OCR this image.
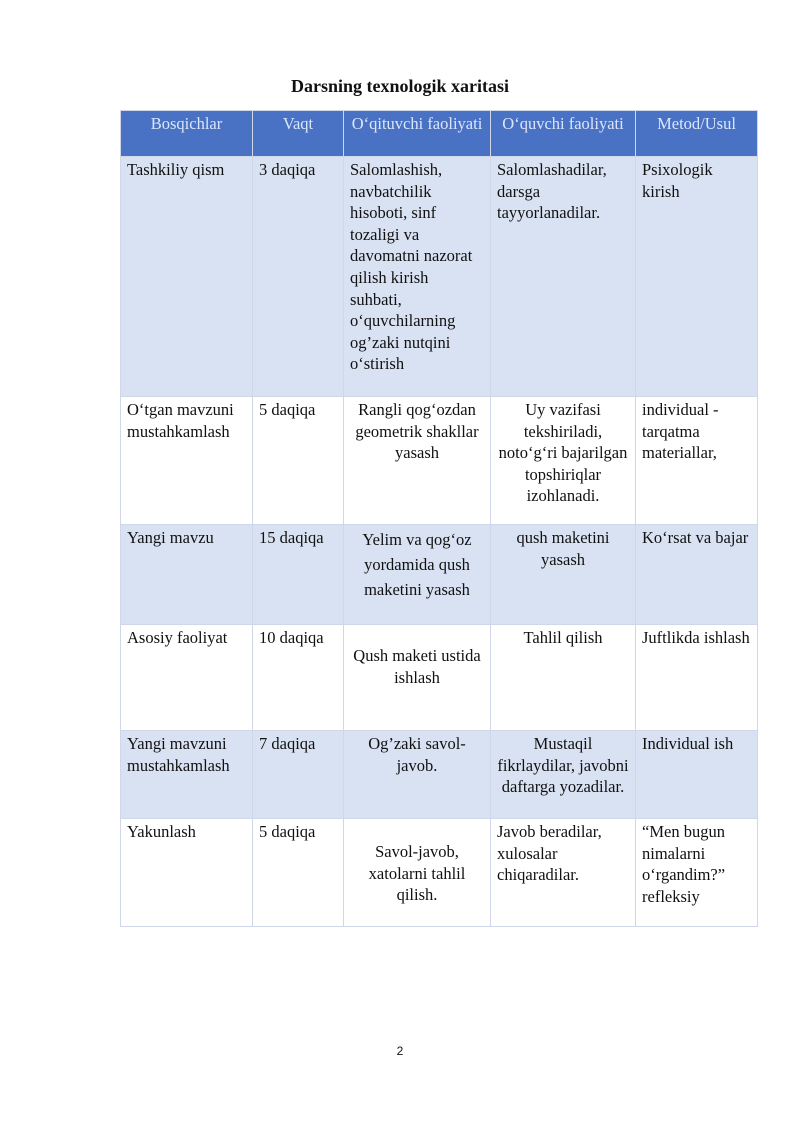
Darsning texnologik xaritasi
Bosqichlar	Vaqt	O‘qituvchi faoliyati	O‘quvchi faoliyati	Metod/Usul
Tashkiliy qism	3 daqiqa	Salomlashish, navbatchilik hisoboti, sinf tozaligi va davomatni nazorat qilish kirish suhbati, o‘quvchilarning og’zaki nutqini o‘stirish	Salomlashadilar, darsga tayyorlanadilar.	Psixologik kirish
O‘tgan mavzuni mustahkamlash	5 daqiqa	Rangli qog‘ozdan geometrik shakllar yasash	Uy vazifasi tekshiriladi, noto‘g‘ri bajarilgan topshiriqlar izohlanadi.	individual - tarqatma materiallar,
Yangi mavzu	15 daqiqa	Yelim va qog‘oz yordamida qush maketini yasash	qush maketini yasash	Ko‘rsat va bajar
Asosiy faoliyat	10 daqiqa	Qush maketi ustida ishlash	Tahlil qilish	Juftlikda ishlash
Yangi mavzuni mustahkamlash	7 daqiqa	Og’zaki savol-javob.	Mustaqil fikrlaydilar, javobni daftarga yozadilar.	Individual ish
Yakunlash	5 daqiqa	Savol-javob, xatolarni tahlil qilish.	Javob beradilar, xulosalar chiqaradilar.	“Men bugun nimalarni o‘rgandim?” refleksiy
2
